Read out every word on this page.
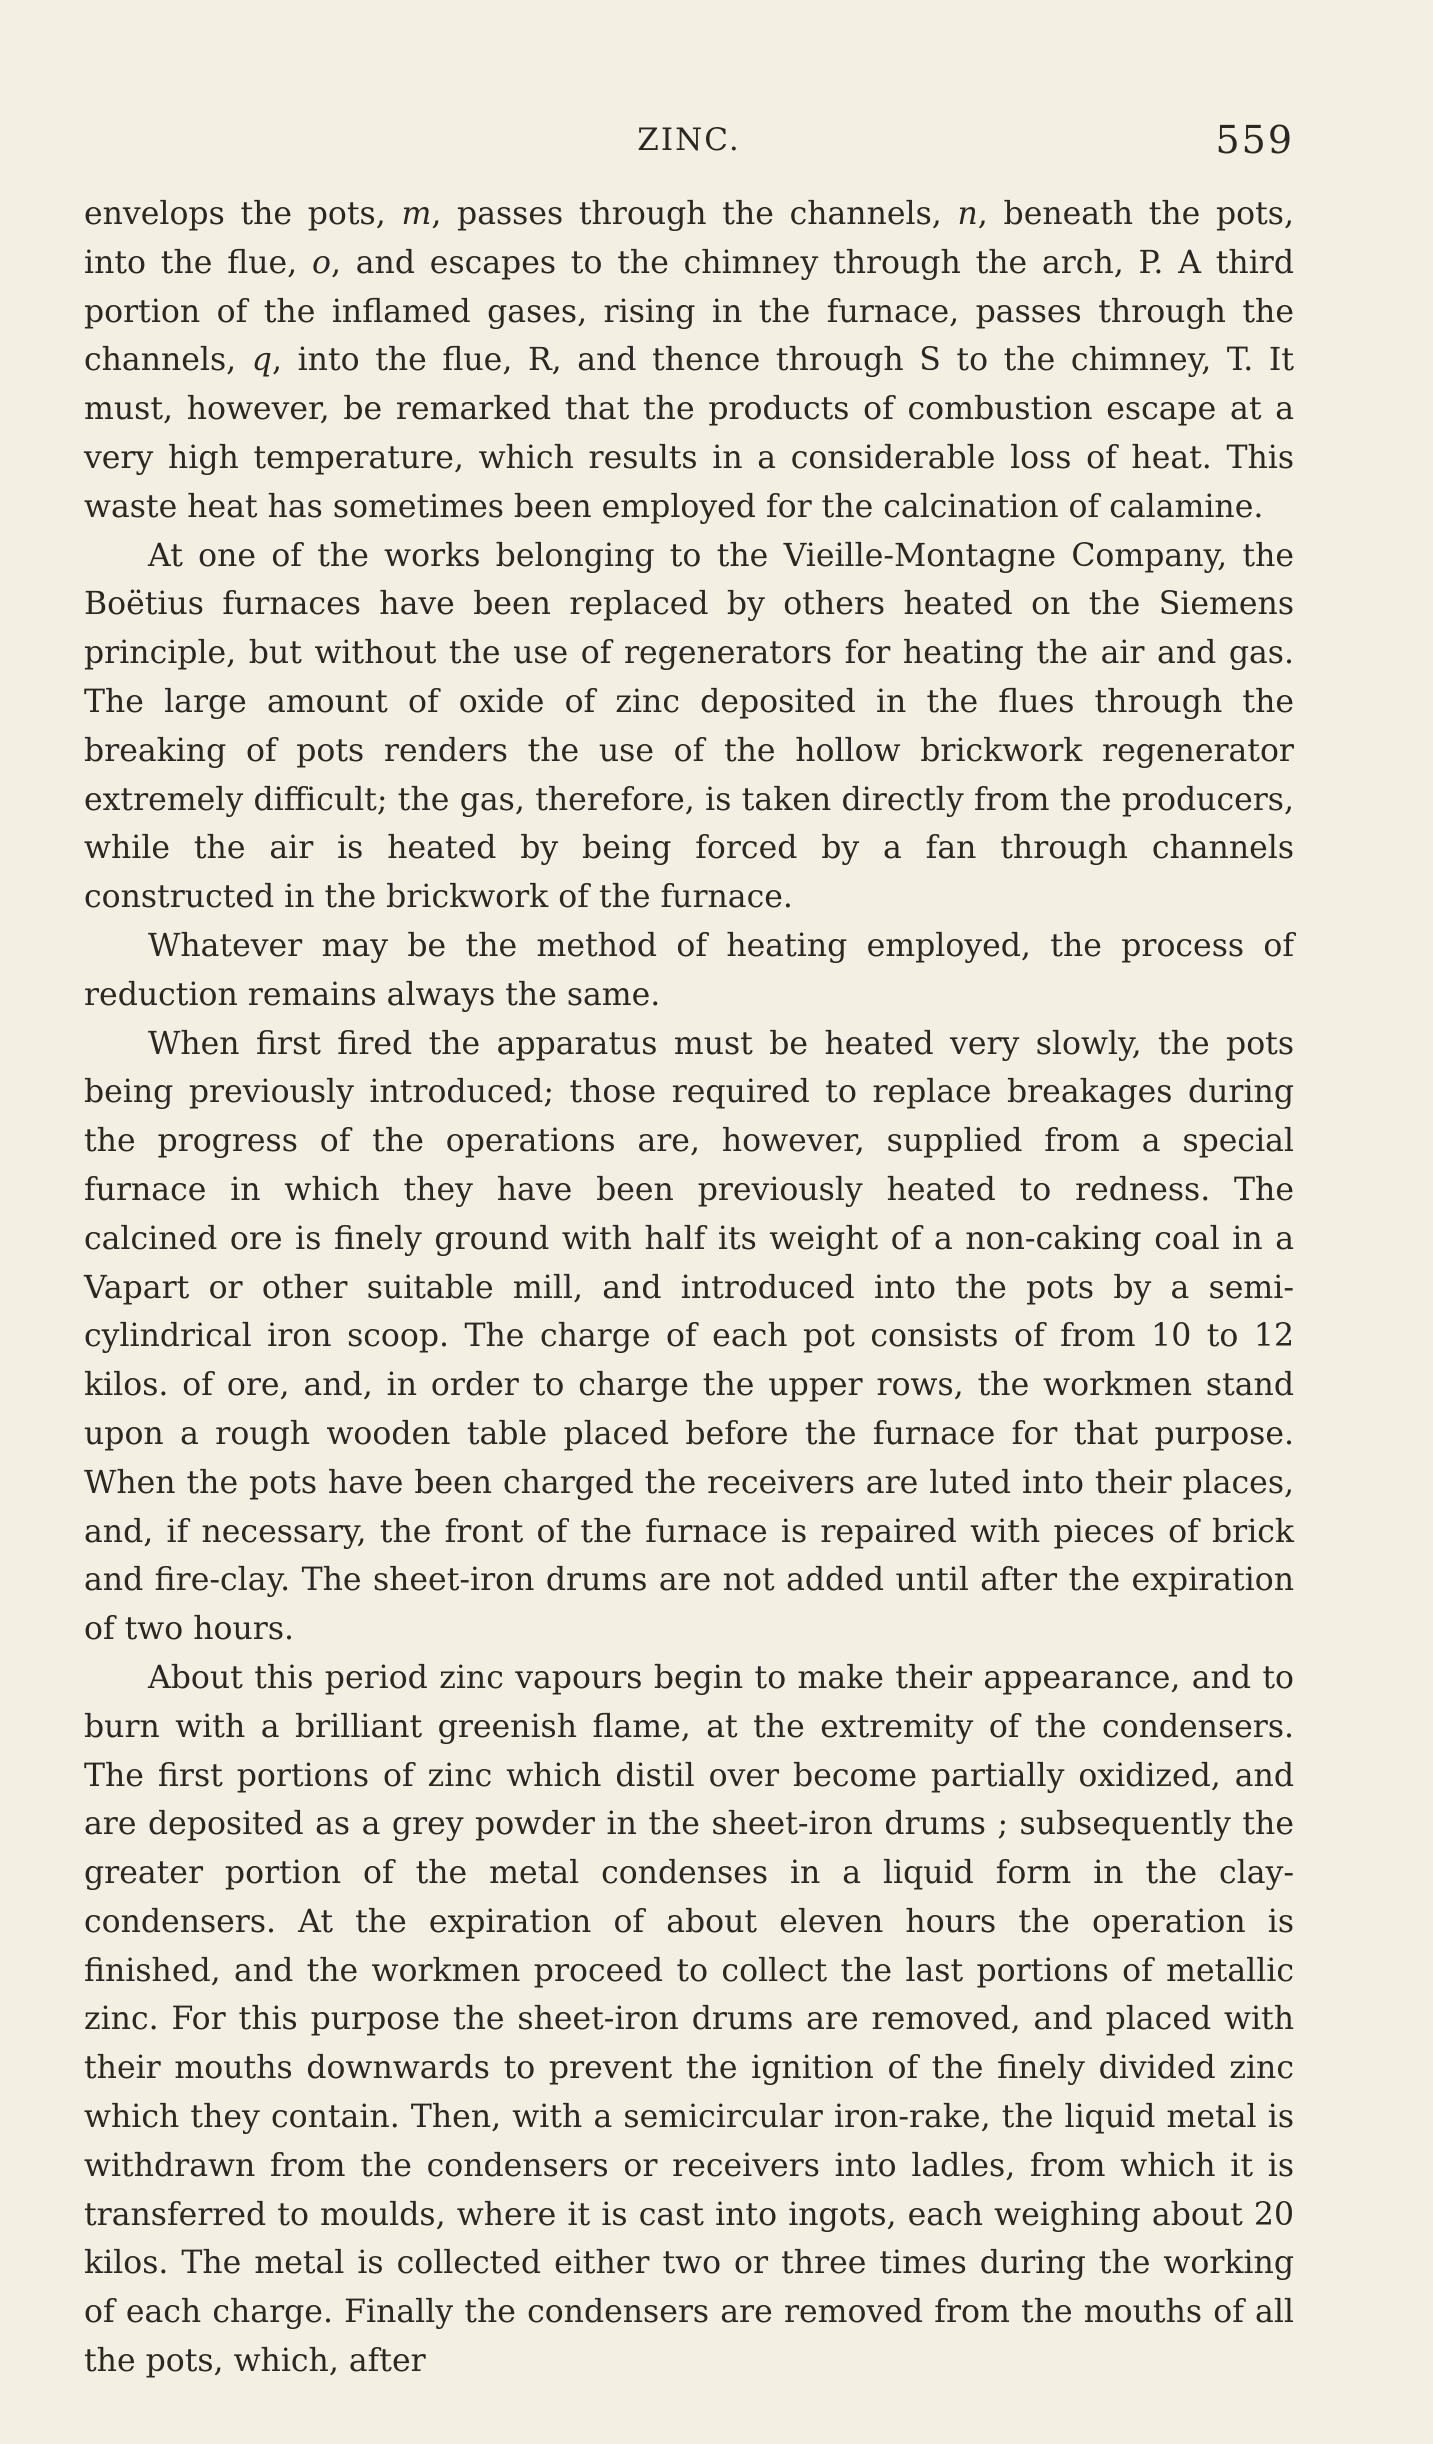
ZINC.	559

envelops the pots, m, passes through the channels, n, beneath the pots, into the flue, o, and escapes to the chimney through the arch, P. A third portion of the inflamed gases, rising in the furnace, passes through the channels, q, into the flue, R, and thence through S to the chimney, T. It must, however, be remarked that the products of combustion escape at a very high temperature, which results in a considerable loss of heat. This waste heat has sometimes been employed for the calcination of calamine.

At one of the works belonging to the Vieille-Montagne Company, the Boëtius furnaces have been replaced by others heated on the Siemens principle, but without the use of regenerators for heating the air and gas. The large amount of oxide of zinc deposited in the flues through the breaking of pots renders the use of the hollow brickwork regenerator extremely difficult; the gas, therefore, is taken directly from the producers, while the air is heated by being forced by a fan through channels constructed in the brickwork of the furnace.

Whatever may be the method of heating employed, the process of reduction remains always the same.

When first fired the apparatus must be heated very slowly, the pots being previously introduced; those required to replace breakages during the progress of the operations are, however, supplied from a special furnace in which they have been previously heated to redness. The calcined ore is finely ground with half its weight of a non-caking coal in a Vapart or other suitable mill, and introduced into the pots by a semi-cylindrical iron scoop. The charge of each pot consists of from 10 to 12 kilos. of ore, and, in order to charge the upper rows, the workmen stand upon a rough wooden table placed before the furnace for that purpose. When the pots have been charged the receivers are luted into their places, and, if necessary, the front of the furnace is repaired with pieces of brick and fire-clay. The sheet-iron drums are not added until after the expiration of two hours.

About this period zinc vapours begin to make their appearance, and to burn with a brilliant greenish flame, at the extremity of the condensers. The first portions of zinc which distil over become partially oxidized, and are deposited as a grey powder in the sheet-iron drums ; subsequently the greater portion of the metal condenses in a liquid form in the clay-condensers. At the expiration of about eleven hours the operation is finished, and the workmen proceed to collect the last portions of metallic zinc. For this purpose the sheet-iron drums are removed, and placed with their mouths downwards to prevent the ignition of the finely divided zinc which they contain. Then, with a semicircular iron-rake, the liquid metal is withdrawn from the condensers or receivers into ladles, from which it is transferred to moulds, where it is cast into ingots, each weighing about 20 kilos. The metal is collected either two or three times during the working of each charge. Finally the condensers are removed from the mouths of all the pots, which, after
